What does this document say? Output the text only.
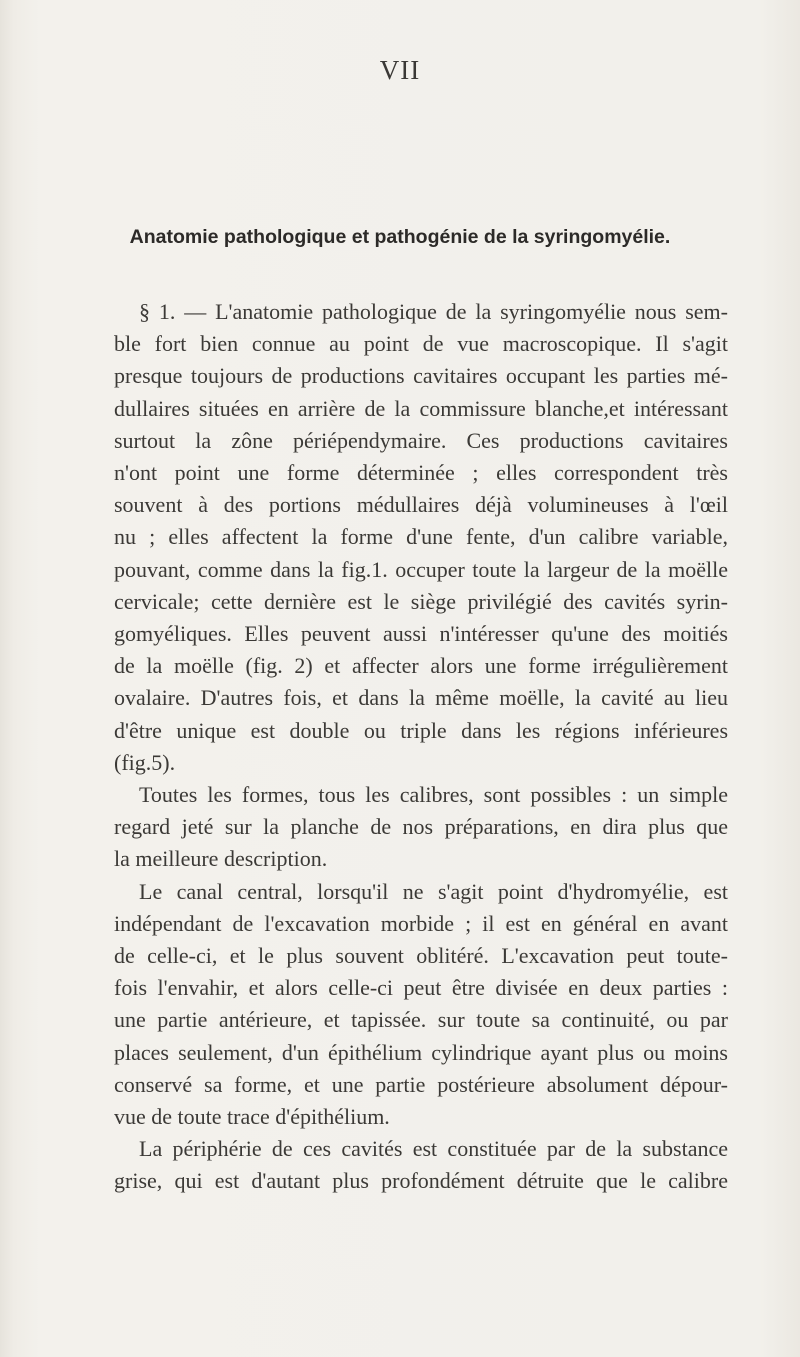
VII
Anatomie pathologique et pathogénie de la syringomyélie.
§ 1. — L'anatomie pathologique de la syringomyélie nous sem-
ble fort bien connue au point de vue macroscopique. Il s'agit
presque toujours de productions cavitaires occupant les parties mé-
dullaires situées en arrière de la commissure blanche,et intéressant
surtout la zône périépendymaire. Ces productions cavitaires
n'ont point une forme déterminée ; elles correspondent très
souvent à des portions médullaires déjà volumineuses à l'œil
nu ; elles affectent la forme d'une fente, d'un calibre variable,
pouvant, comme dans la fig.1. occuper toute la largeur de la moëlle
cervicale; cette dernière est le siège privilégié des cavités syrin-
gomyéliques. Elles peuvent aussi n'intéresser qu'une des moitiés
de la moëlle (fig. 2) et affecter alors une forme irrégulièrement
ovalaire. D'autres fois, et dans la même moëlle, la cavité au lieu
d'être unique est double ou triple dans les régions inférieures
(fig.5).
Toutes les formes, tous les calibres, sont possibles : un simple
regard jeté sur la planche de nos préparations, en dira plus que
la meilleure description.
Le canal central, lorsqu'il ne s'agit point d'hydromyélie, est
indépendant de l'excavation morbide ; il est en général en avant
de celle-ci, et le plus souvent oblitéré. L'excavation peut toute-
fois l'envahir, et alors celle-ci peut être divisée en deux parties :
une partie antérieure, et tapissée. sur toute sa continuité, ou par
places seulement, d'un épithélium cylindrique ayant plus ou moins
conservé sa forme, et une partie postérieure absolument dépour-
vue de toute trace d'épithélium.
La périphérie de ces cavités est constituée par de la substance
grise, qui est d'autant plus profondément détruite que le calibre
